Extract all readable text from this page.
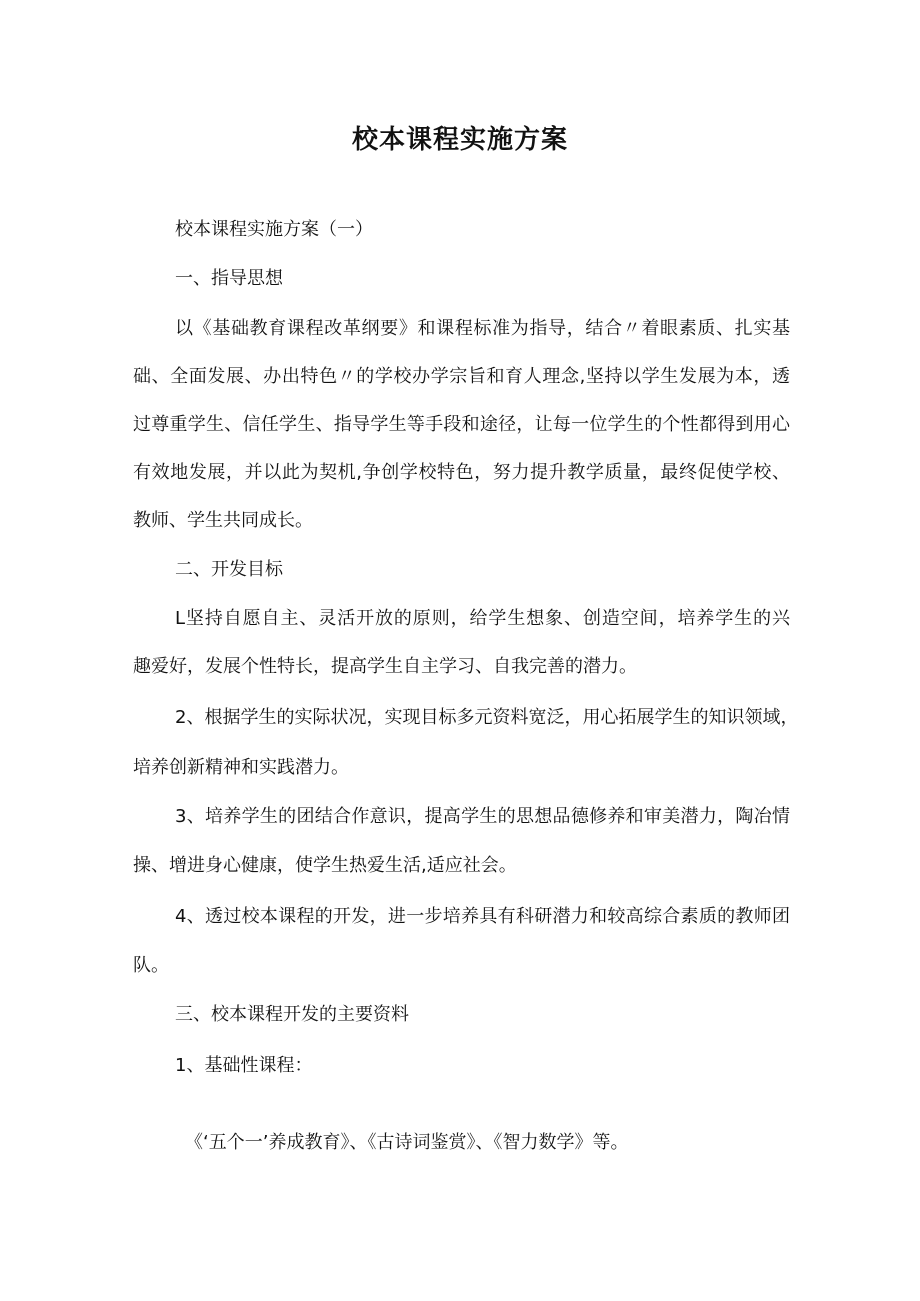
校本课程实施方案
校本课程实施方案（一）
一、指导思想
以《基础教育课程改革纲要》和课程标准为指导，结合〃着眼素质、扎实基
础、全面发展、办出特色〃的学校办学宗旨和育人理念,坚持以学生发展为本，透
过尊重学生、信任学生、指导学生等手段和途径，让每一位学生的个性都得到用心
有效地发展，并以此为契机,争创学校特色，努力提升教学质量，最终促使学校、
教师、学生共同成长。
二、开发目标
L坚持自愿自主、灵活开放的原则，给学生想象、创造空间，培养学生的兴
趣爱好，发展个性特长，提高学生自主学习、自我完善的潜力。
2、根据学生的实际状况，实现目标多元资料宽泛，用心拓展学生的知识领域，
培养创新精神和实践潜力。
3、培养学生的团结合作意识，提高学生的思想品德修养和审美潜力，陶冶情
操、增进身心健康，使学生热爱生活,适应社会。
4、透过校本课程的开发，进一步培养具有科研潜力和较高综合素质的教师团
队。
三、校本课程开发的主要资料
1、基础性课程：
《‘五个一’养成教育》、《古诗词鉴赏》、《智力数学》等。
